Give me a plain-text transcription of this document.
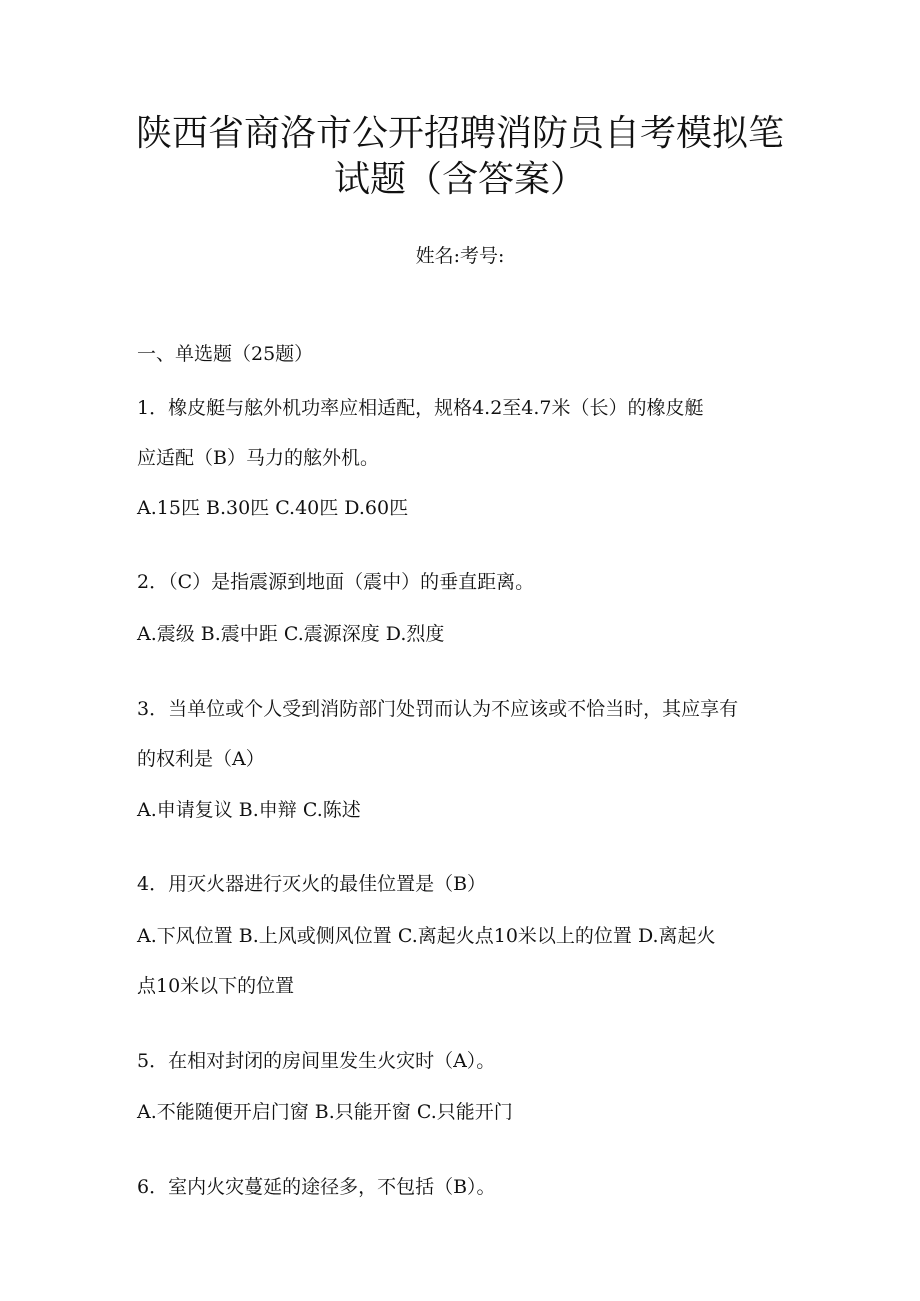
陕西省商洛市公开招聘消防员自考模拟笔
试题（含答案）
姓名:考号:
一、单选题（25题）
1．橡皮艇与舷外机功率应相适配，规格4.2至4.7米（长）的橡皮艇
应适配（B）马力的舷外机。
A.15匹 B.30匹 C.40匹 D.60匹
2．（C）是指震源到地面（震中）的垂直距离。
A.震级 B.震中距 C.震源深度 D.烈度
3．当单位或个人受到消防部门处罚而认为不应该或不恰当时，其应享有
的权利是（A）
A.申请复议 B.申辩 C.陈述
4．用灭火器进行灭火的最佳位置是（B）
A.下风位置 B.上风或侧风位置 C.离起火点10米以上的位置 D.离起火
点10米以下的位置
5．在相对封闭的房间里发生火灾时（A）。
A.不能随便开启门窗 B.只能开窗 C.只能开门
6．室内火灾蔓延的途径多，不包括（B）。
